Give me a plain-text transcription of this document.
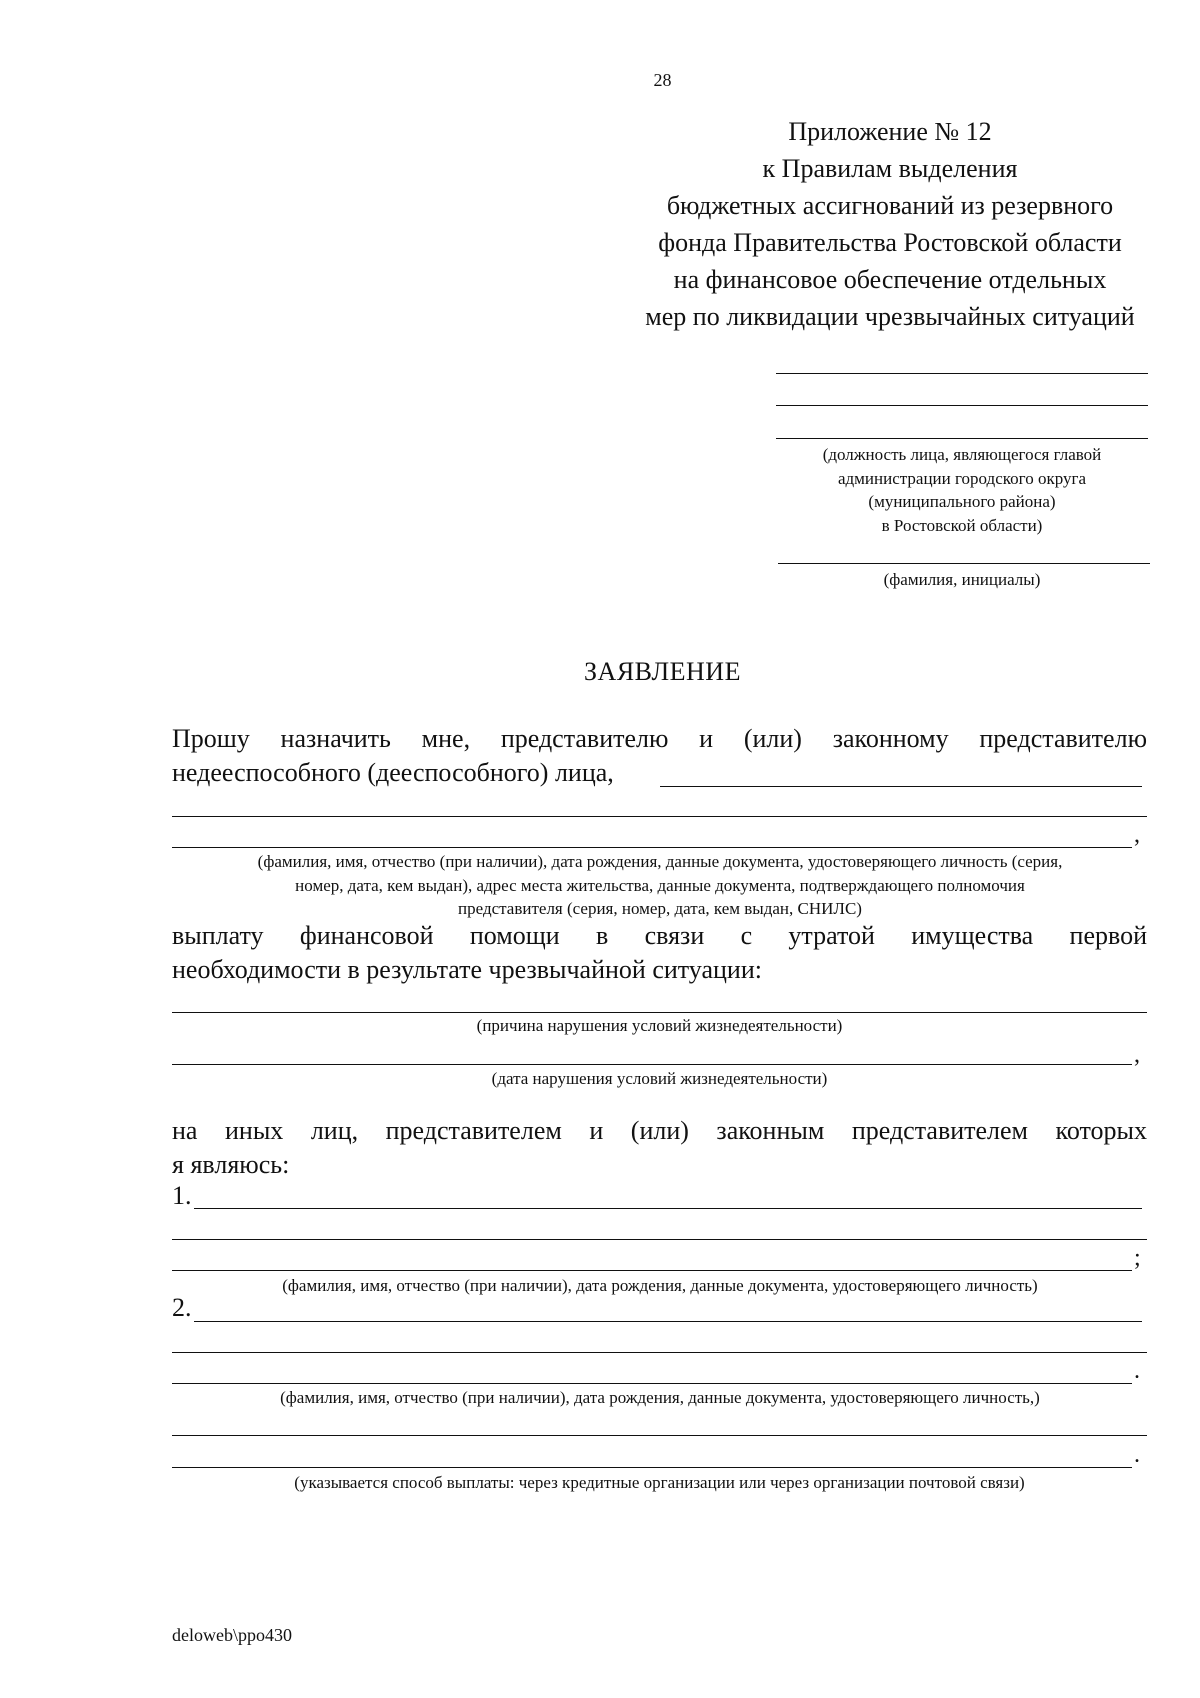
28
Приложение № 12
к Правилам выделения
бюджетных ассигнований из резервного
фонда Правительства Ростовской области
на финансовое обеспечение отдельных
мер по ликвидации чрезвычайных ситуаций
(должность лица, являющегося главой
администрации городского округа
(муниципального района)
в Ростовской области)
(фамилия, инициалы)
ЗАЯВЛЕНИЕ
Прошу назначить мне, представителю и (или) законному представителю
недееспособного (дееспособного) лица,
,
(фамилия, имя, отчество (при наличии), дата рождения, данные документа, удостоверяющего личность (серия,
номер, дата, кем выдан), адрес места жительства, данные документа, подтверждающего полномочия
представителя (серия, номер, дата, кем выдан, СНИЛС)
выплату финансовой помощи в связи с утратой имущества первой
необходимости в результате чрезвычайной ситуации:
(причина нарушения условий жизнедеятельности)
,
(дата нарушения условий жизнедеятельности)
на иных лиц, представителем и (или) законным представителем которых
я являюсь:
1.
;
(фамилия, имя, отчество (при наличии), дата рождения, данные документа, удостоверяющего личность)
2.
.
(фамилия, имя, отчество (при наличии), дата рождения, данные документа, удостоверяющего личность,)
.
(указывается способ выплаты: через кредитные организации или через организации почтовой связи)
deloweb\ppo430
